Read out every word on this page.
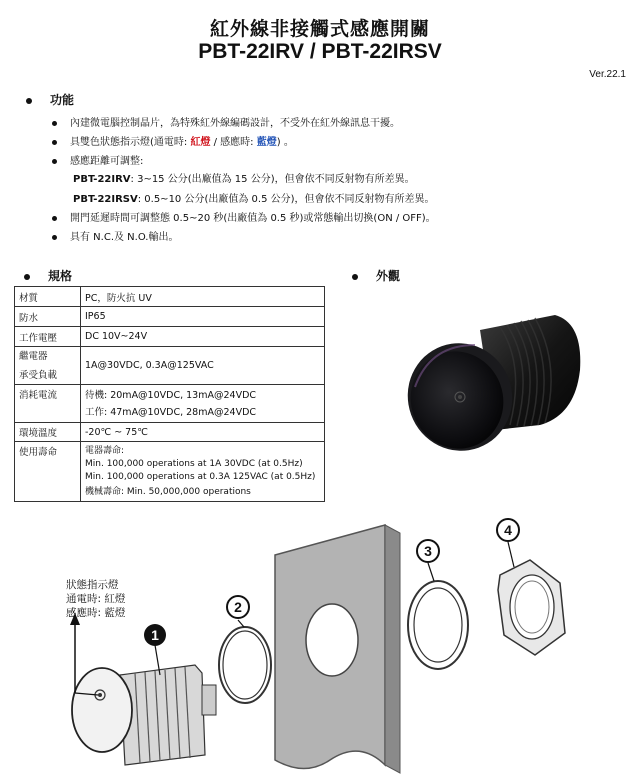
紅外線非接觸式感應開關
PBT-22IRV / PBT-22IRSV
Ver.22.1
功能
內建微電腦控制晶片，為特殊紅外線編碼設計，不受外在紅外線訊息干擾。
具雙色狀態指示燈(通電時: 紅燈 / 感應時: 藍燈) 。
感應距離可調整:
PBT-22IRV: 3~15 公分(出廠值為 15 公分)，但會依不同反射物有所差異。
PBT-22IRSV: 0.5~10 公分(出廠值為 0.5 公分)，但會依不同反射物有所差異。
開門延遲時間可調整態 0.5~20 秒(出廠值為 0.5 秒)或常態輸出切換(ON / OFF)。
具有 N.C.及 N.O.輸出。
規格	外觀
材質	PC，防火抗 UV
防水	IP65
工作電壓	DC 10V~24V

繼電器
承受負載	1A@30VDC, 0.3A@125VAC
消耗電流	待機: 20mA@10VDC, 13mA@24VDC
工作: 47mA@10VDC, 28mA@24VDC

環境溫度	-20℃ ~ 75℃
使用壽命	電器壽命:
Min. 100,000 operations at 1A 30VDC (at 0.5Hz)
Min. 100,000 operations at 0.3A 125VAC (at 0.5Hz)
機械壽命: Min. 50,000,000 operations
1
2
3
4
狀態指示燈
通電時: 紅燈
感應時: 藍燈
